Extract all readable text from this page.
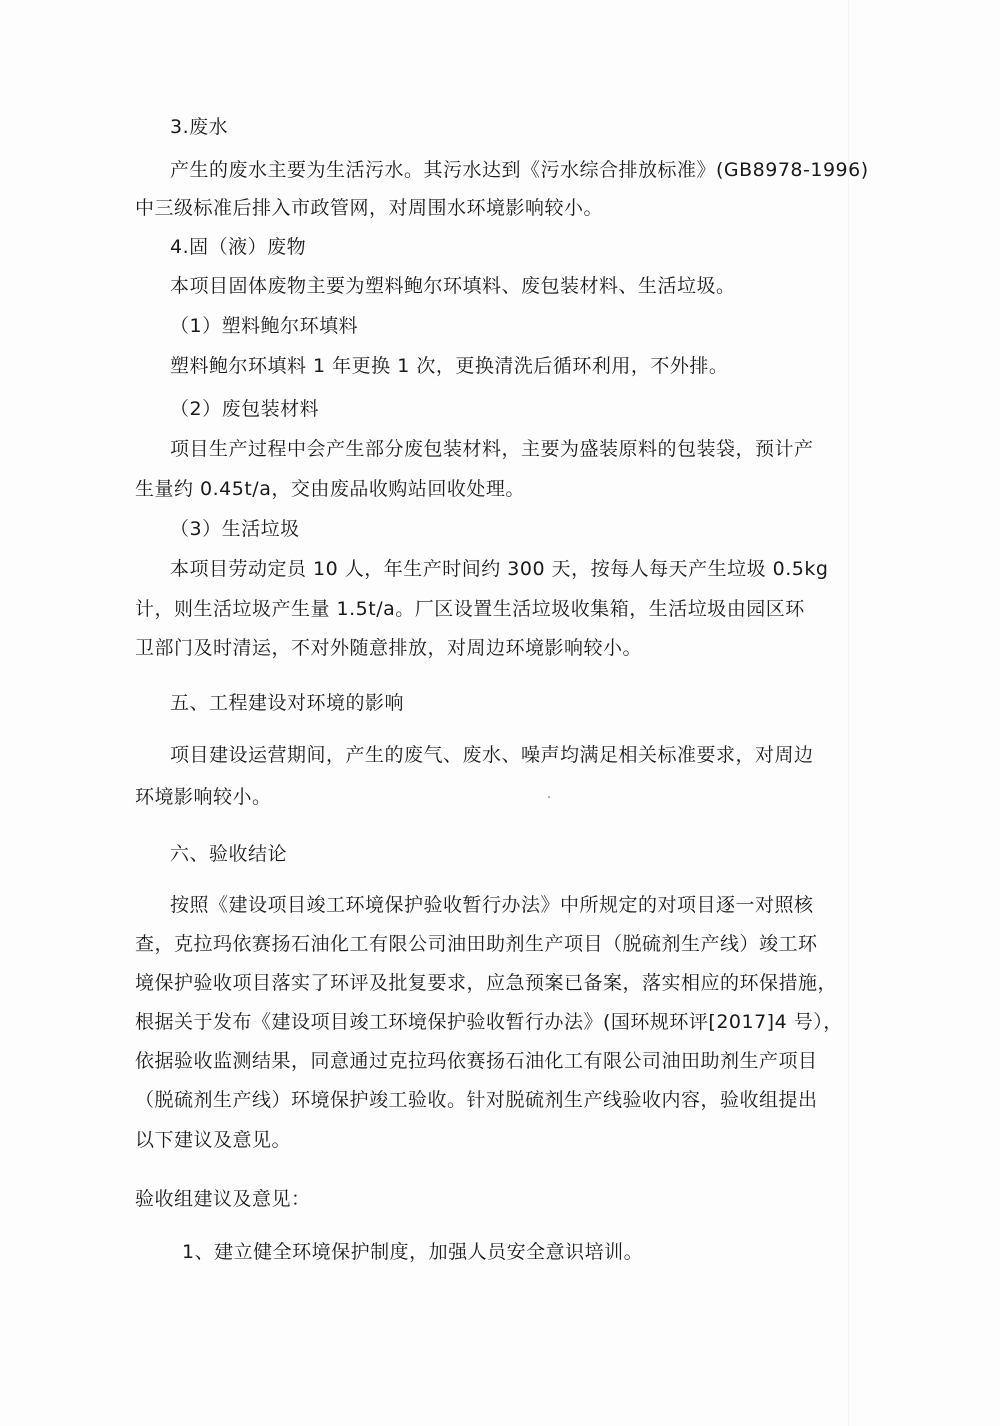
3.废水
产生的废水主要为生活污水。其污水达到《污水综合排放标准》(GB8978-1996)
中三级标准后排入市政管网，对周围水环境影响较小。
4.固（液）废物
本项目固体废物主要为塑料鲍尔环填料、废包装材料、生活垃圾。
（1）塑料鲍尔环填料
塑料鲍尔环填料 1 年更换 1 次，更换清洗后循环利用，不外排。
（2）废包装材料
项目生产过程中会产生部分废包装材料，主要为盛装原料的包装袋，预计产
生量约 0.45t/a，交由废品收购站回收处理。
（3）生活垃圾
本项目劳动定员 10 人，年生产时间约 300 天，按每人每天产生垃圾 0.5kg
计，则生活垃圾产生量 1.5t/a。厂区设置生活垃圾收集箱，生活垃圾由园区环
卫部门及时清运，不对外随意排放，对周边环境影响较小。
五、工程建设对环境的影响
项目建设运营期间，产生的废气、废水、噪声均满足相关标准要求，对周边
环境影响较小。
六、验收结论
按照《建设项目竣工环境保护验收暂行办法》中所规定的对项目逐一对照核
查，克拉玛依赛扬石油化工有限公司油田助剂生产项目（脱硫剂生产线）竣工环
境保护验收项目落实了环评及批复要求，应急预案已备案，落实相应的环保措施，
根据关于发布《建设项目竣工环境保护验收暂行办法》(国环规环评[2017]4 号），
依据验收监测结果，同意通过克拉玛依赛扬石油化工有限公司油田助剂生产项目
（脱硫剂生产线）环境保护竣工验收。针对脱硫剂生产线验收内容，验收组提出
以下建议及意见。
验收组建议及意见：
1、建立健全环境保护制度，加强人员安全意识培训。
